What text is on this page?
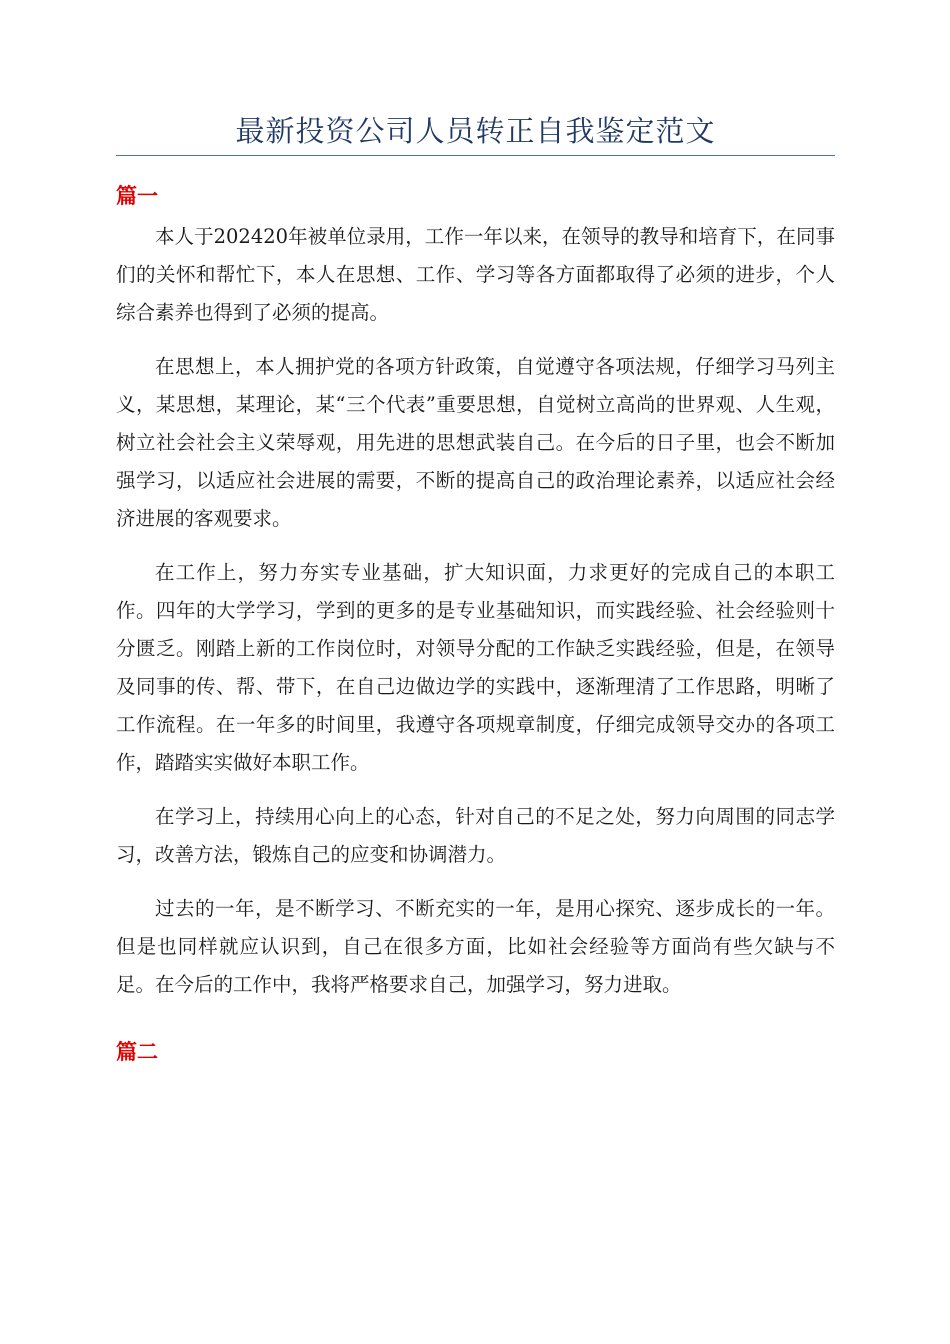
最新投资公司人员转正自我鉴定范文
篇一

本人于202420年被单位录用，工作一年以来，在领导的教导和培育下，在同事们的关怀和帮忙下，本人在思想、工作、学习等各方面都取得了必须的进步，个人综合素养也得到了必须的提高。

在思想上，本人拥护党的各项方针政策，自觉遵守各项法规，仔细学习马列主义，某思想，某理论，某“三个代表”重要思想，自觉树立高尚的世界观、人生观，树立社会社会主义荣辱观，用先进的思想武装自己。在今后的日子里，也会不断加强学习，以适应社会进展的需要，不断的提高自己的政治理论素养，以适应社会经济进展的客观要求。

在工作上，努力夯实专业基础，扩大知识面，力求更好的完成自己的本职工作。四年的大学学习，学到的更多的是专业基础知识，而实践经验、社会经验则十分匮乏。刚踏上新的工作岗位时，对领导分配的工作缺乏实践经验，但是，在领导及同事的传、帮、带下，在自己边做边学的实践中，逐渐理清了工作思路，明晰了工作流程。在一年多的时间里，我遵守各项规章制度，仔细完成领导交办的各项工作，踏踏实实做好本职工作。

在学习上，持续用心向上的心态，针对自己的不足之处，努力向周围的同志学习，改善方法，锻炼自己的应变和协调潜力。

过去的一年，是不断学习、不断充实的一年，是用心探究、逐步成长的一年。但是也同样就应认识到，自己在很多方面，比如社会经验等方面尚有些欠缺与不足。在今后的工作中，我将严格要求自己，加强学习，努力进取。

篇二
